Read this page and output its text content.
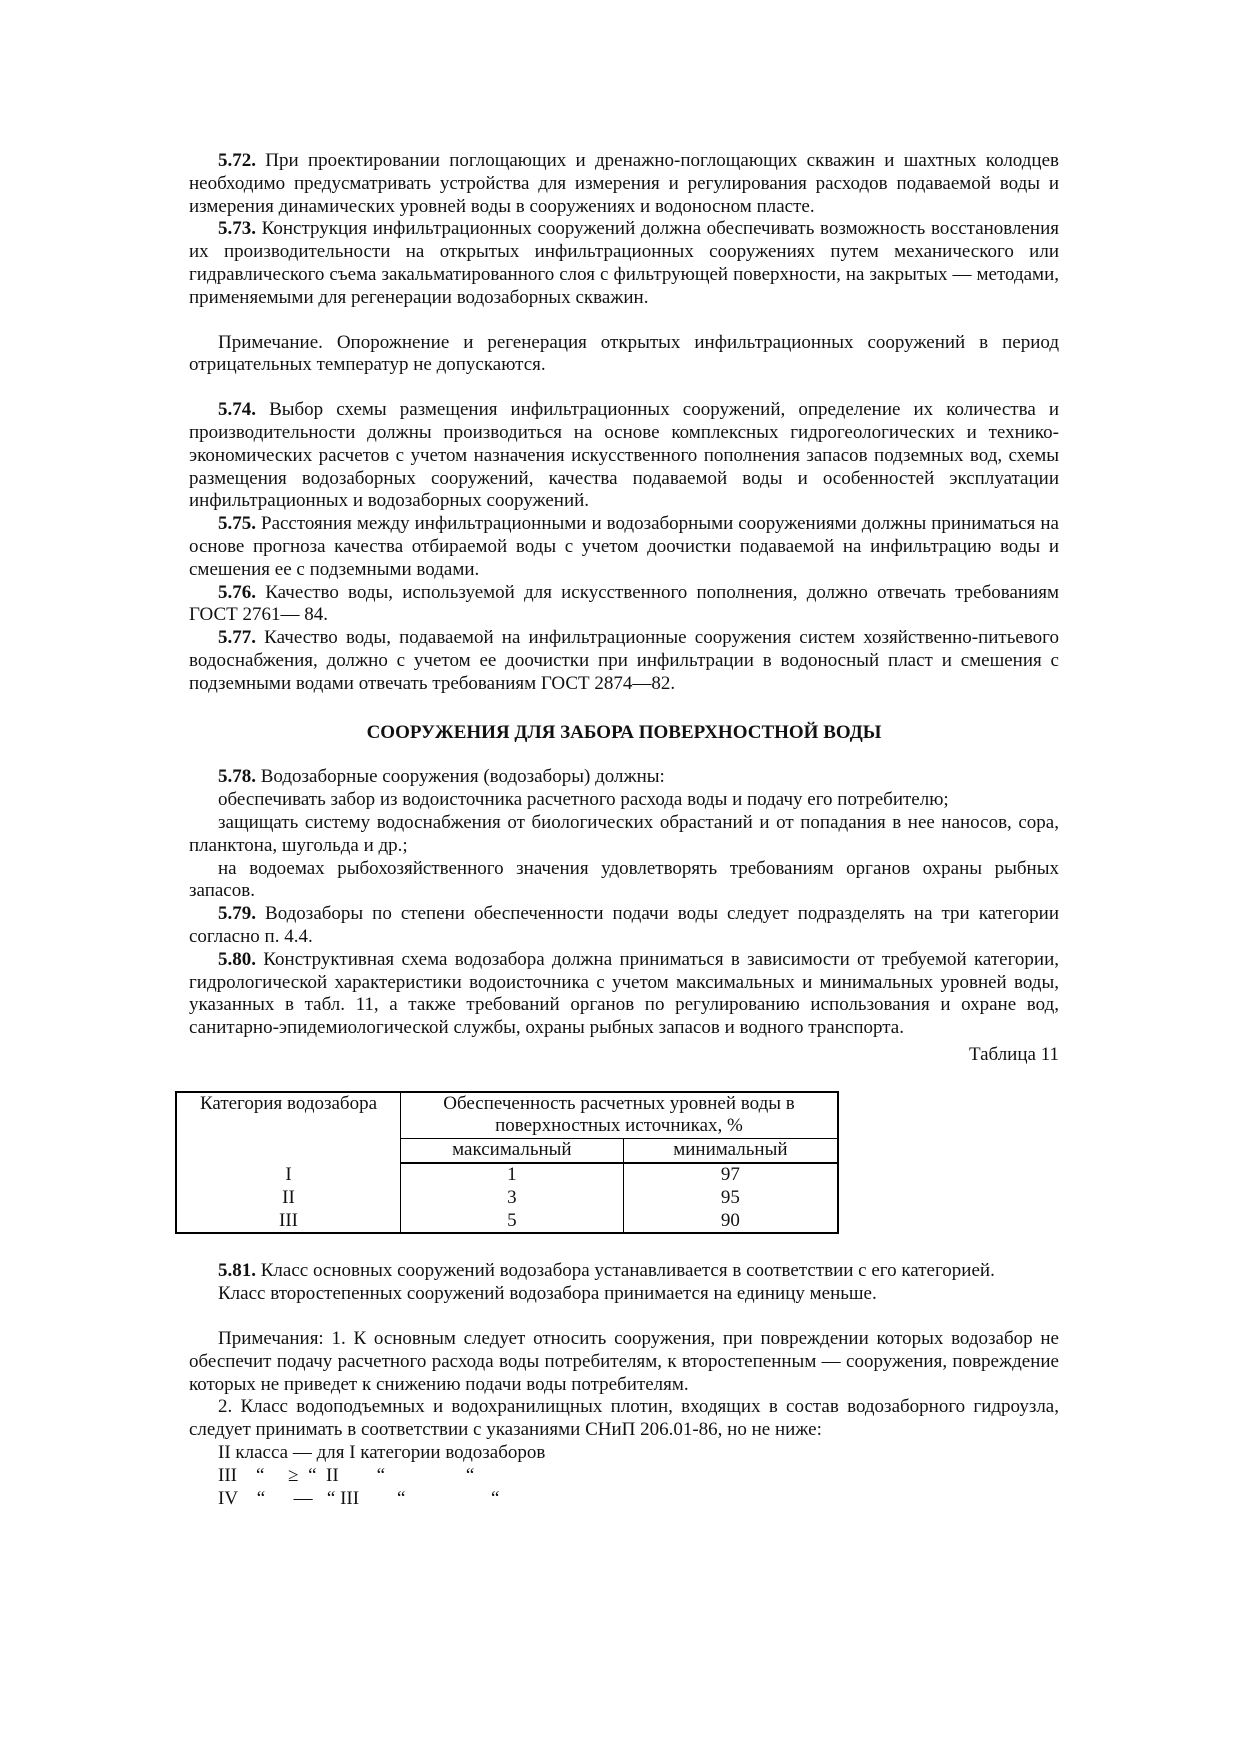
5.72. При проектировании поглощающих и дренажно-поглощающих скважин и шахтных колодцев необходимо предусматривать устройства для измерения и регулирования расходов подаваемой воды и измерения динамических уровней воды в сооружениях и водоносном пласте.

5.73. Конструкция инфильтрационных сооружений должна обеспечивать возможность восстановления их производительности на открытых инфильтрационных сооружениях путем механического или гидравлического съема закальматированного слоя с фильтрующей поверхности, на закрытых — методами, применяемыми для регенерации водозаборных скважин.

Примечание. Опорожнение и регенерация открытых инфильтрационных сооружений в период отрицательных температур не допускаются.

5.74. Выбор схемы размещения инфильтрационных сооружений, определение их количества и производительности должны производиться на основе комплексных гидрогеологических и технико-экономических расчетов с учетом назначения искусственного пополнения запасов подземных вод, схемы размещения водозаборных сооружений, качества подаваемой воды и особенностей эксплуатации инфильтрационных и водозаборных сооружений.

5.75. Расстояния между инфильтрационными и водозаборными сооружениями должны приниматься на основе прогноза качества отбираемой воды с учетом доочистки подаваемой на инфильтрацию воды и смешения ее с подземными водами.

5.76. Качество воды, используемой для искусственного пополнения, должно отвечать требованиям ГОСТ 2761— 84.

5.77. Качество воды, подаваемой на инфильтрационные сооружения систем хозяйственно-питьевого водоснабжения, должно с учетом ее доочистки при инфильтрации в водоносный пласт и смешения с подземными водами отвечать требованиям ГОСТ 2874—82.

СООРУЖЕНИЯ ДЛЯ ЗАБОРА ПОВЕРХНОСТНОЙ ВОДЫ

5.78. Водозаборные сооружения (водозаборы) должны:

обеспечивать забор из водоисточника расчетного расхода воды и подачу его потребителю;

защищать систему водоснабжения от биологических обрастаний и от попадания в нее наносов, сора, планктона, шугольда и др.;

на водоемах рыбохозяйственного значения удовлетворять требованиям органов охраны рыбных запасов.

5.79. Водозаборы по степени обеспеченности подачи воды следует подразделять на три категории согласно п. 4.4.

5.80. Конструктивная схема водозабора должна приниматься в зависимости от требуемой категории, гидрологической характеристики водоисточника с учетом максимальных и минимальных уровней воды, указанных в табл. 11, а также требований органов по регулированию использования и охране вод, санитарно-эпидемиологической службы, охраны рыбных запасов и водного транспорта.

Таблица 11

Категория водозабора	Обеспеченность расчетных уровней воды в поверхностных источниках, %	
	максимальный	минимальный
I	1	97
II	3	95
III	5	90

5.81. Класс основных сооружений водозабора устанавливается в соответствии с его категорией.

Класс второстепенных сооружений водозабора принимается на единицу меньше.

Примечания: 1. К основным следует относить сооружения, при повреждении которых водозабор не обеспечит подачу расчетного расхода воды потребителям, к второстепенным — сооружения, повреждение которых не приведет к снижению подачи воды потребителям.

2. Класс водоподъемных и водохранилищных плотин, входящих в состав водозаборного гидроузла, следует принимать в соответствии с указаниями СНиП 206.01-86, но не ниже:

II класса — для I категории водозаборов

III    “     ≥  “  II        “                 “

IV    “      —   “ III        “                  “
